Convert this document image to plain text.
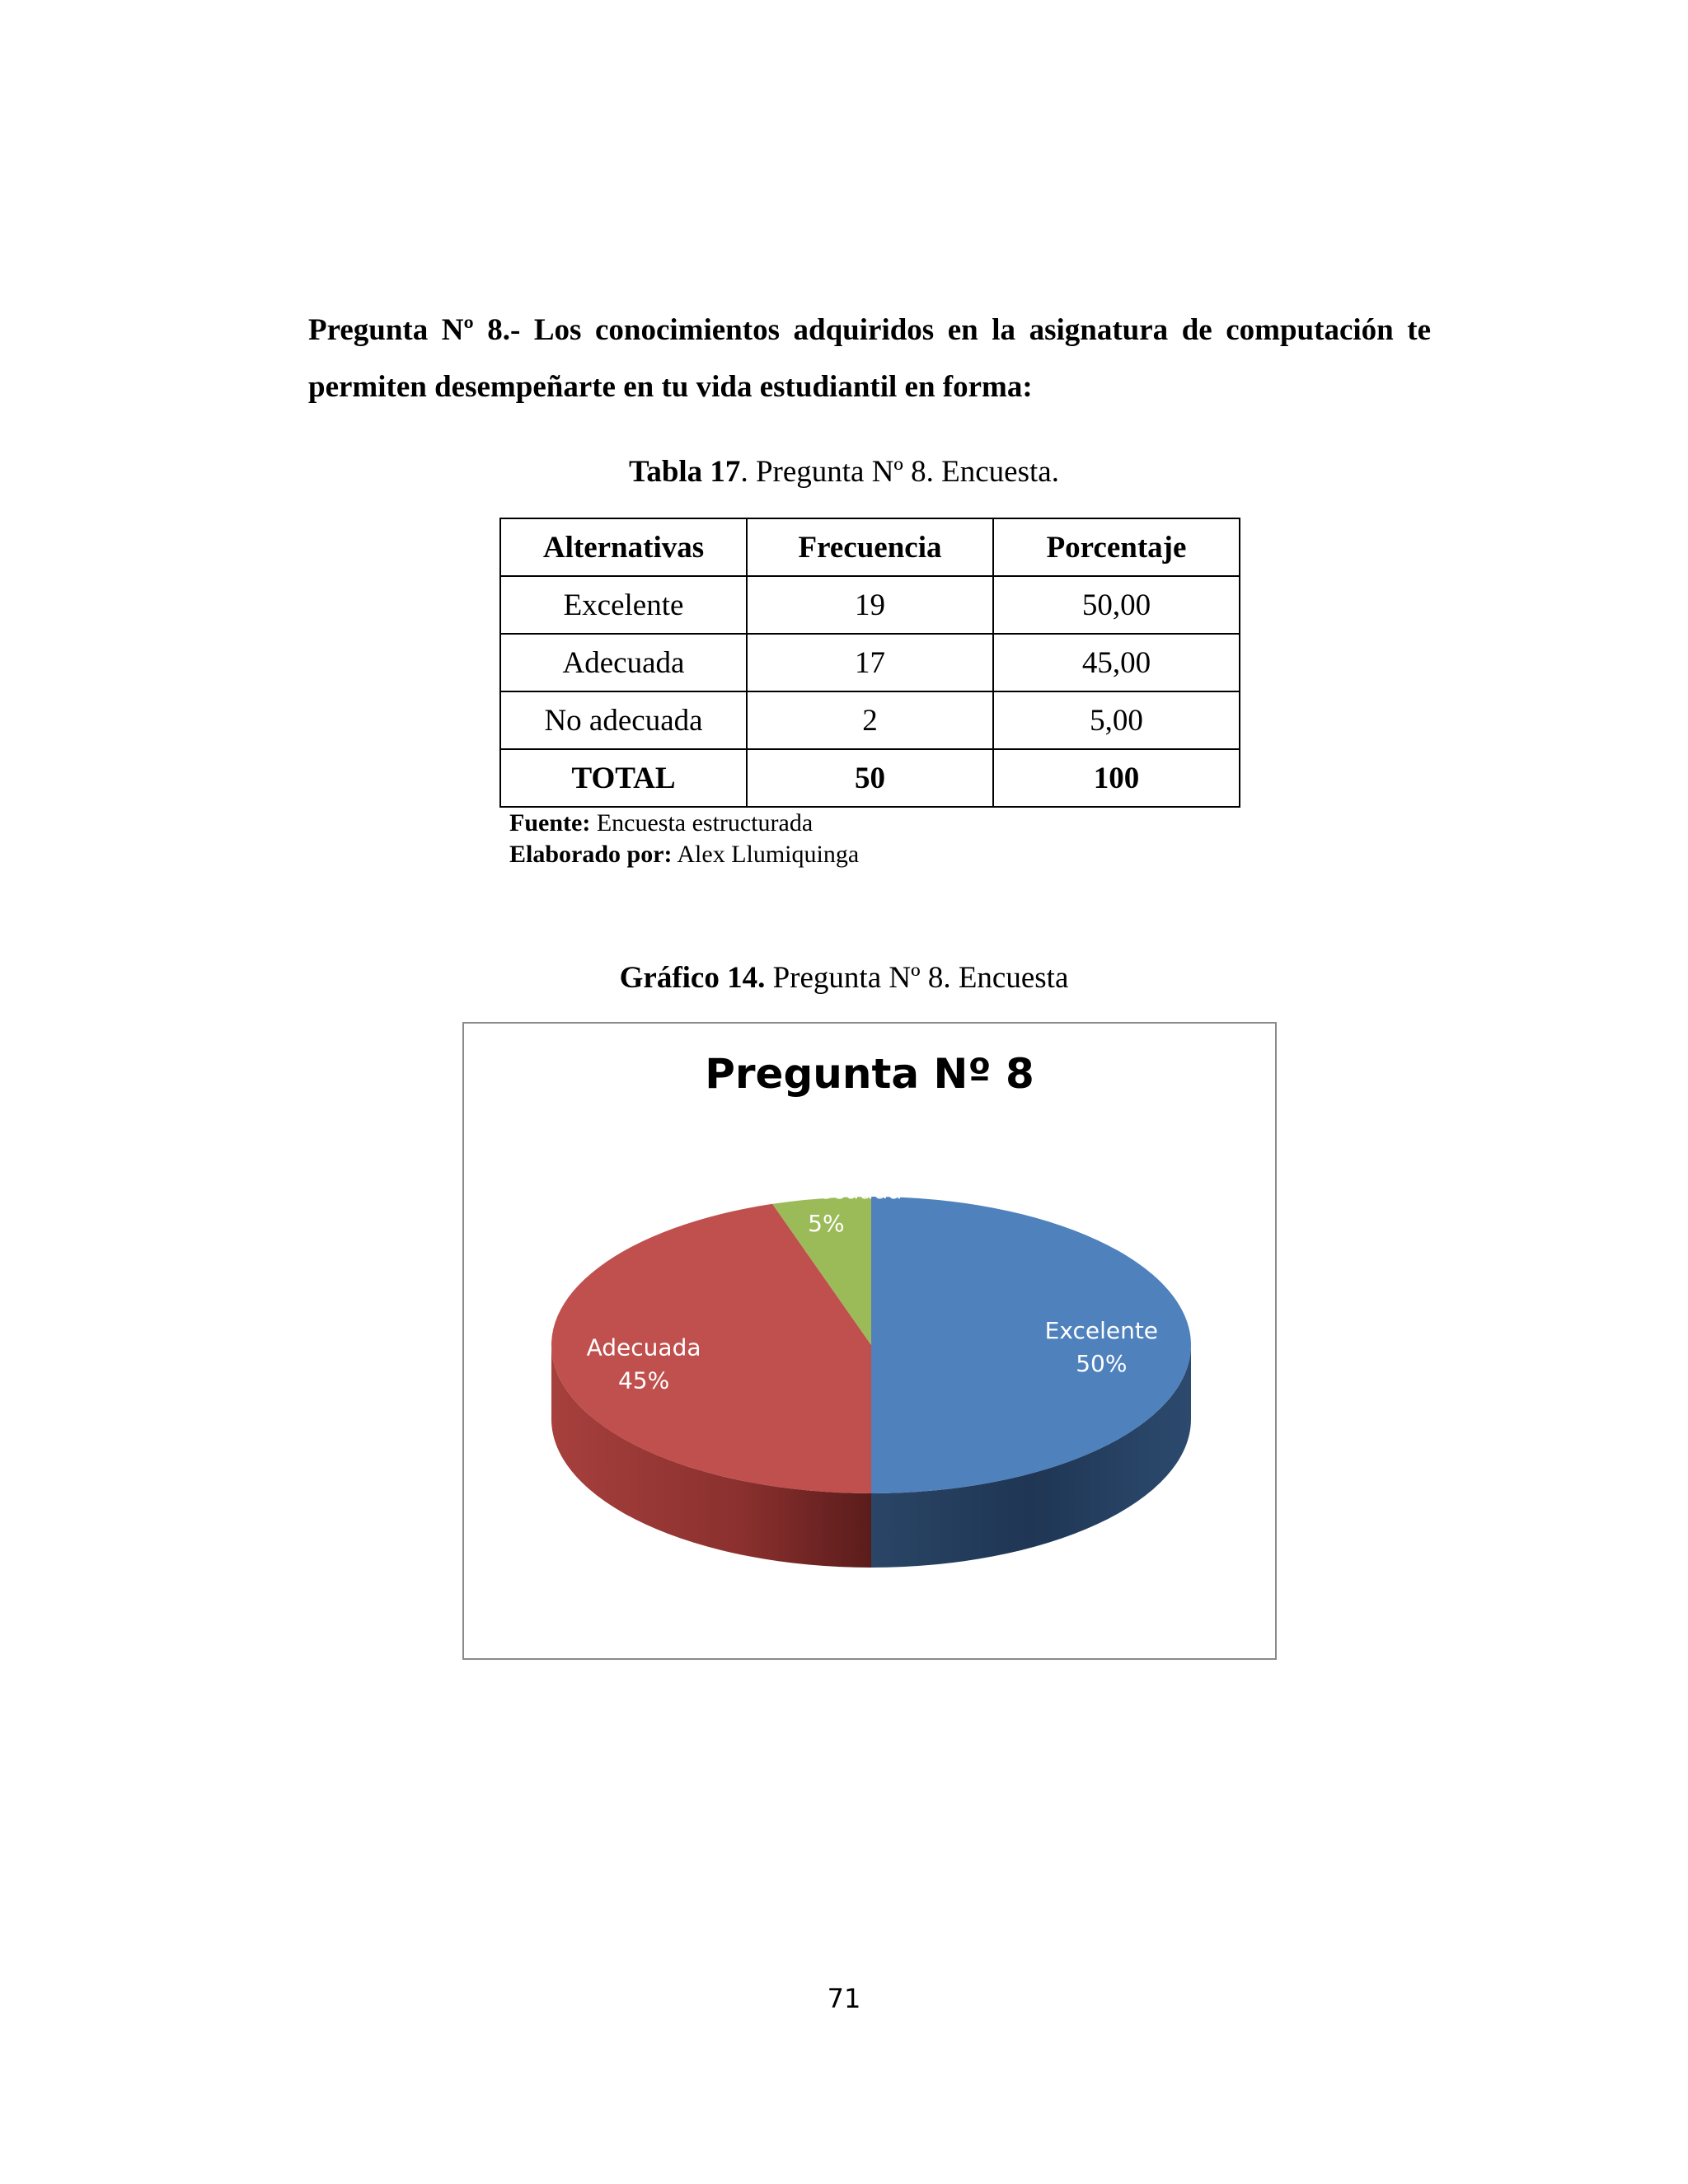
Pregunta Nº 8.- Los conocimientos adquiridos en la asignatura de computación te permiten desempeñarte en tu vida estudiantil en forma:

Tabla 17. Pregunta Nº 8. Encuesta.
Alternativas	Frecuencia	Porcentaje
Excelente	19	50,00
Adecuada	17	45,00
No adecuada	2	5,00
TOTAL	50	100
Fuente: Encuesta estructurada
Elaborado por: Alex Llumiquinga
Gráfico 14. Pregunta Nº 8. Encuesta
Pregunta Nº 8
Excelente 50%
Adecuada 45%
No adecuada 5%
71
